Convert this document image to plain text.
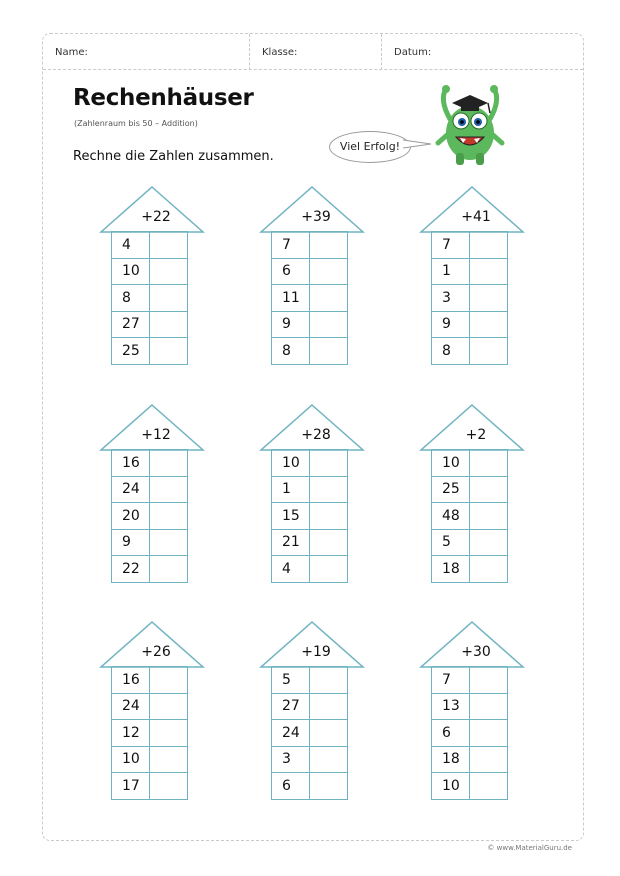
Name:	Klasse:	Datum:
Rechenhäuser
(Zahlenraum bis 50 – Addition)
Rechne die Zahlen zusammen.
Viel Erfolg!
+22
4	
10	
8	
27	
25	
+39
7	
6	
11	
9	
8	
+41
7	
1	
3	
9	
8	
+12
16	
24	
20	
9	
22	
+28
10	
1	
15	
21	
4	
+2
10	
25	
48	
5	
18	
+26
16	
24	
12	
10	
17	
+19
5	
27	
24	
3	
6	
+30
7	
13	
6	
18	
10	
© www.MaterialGuru.de
